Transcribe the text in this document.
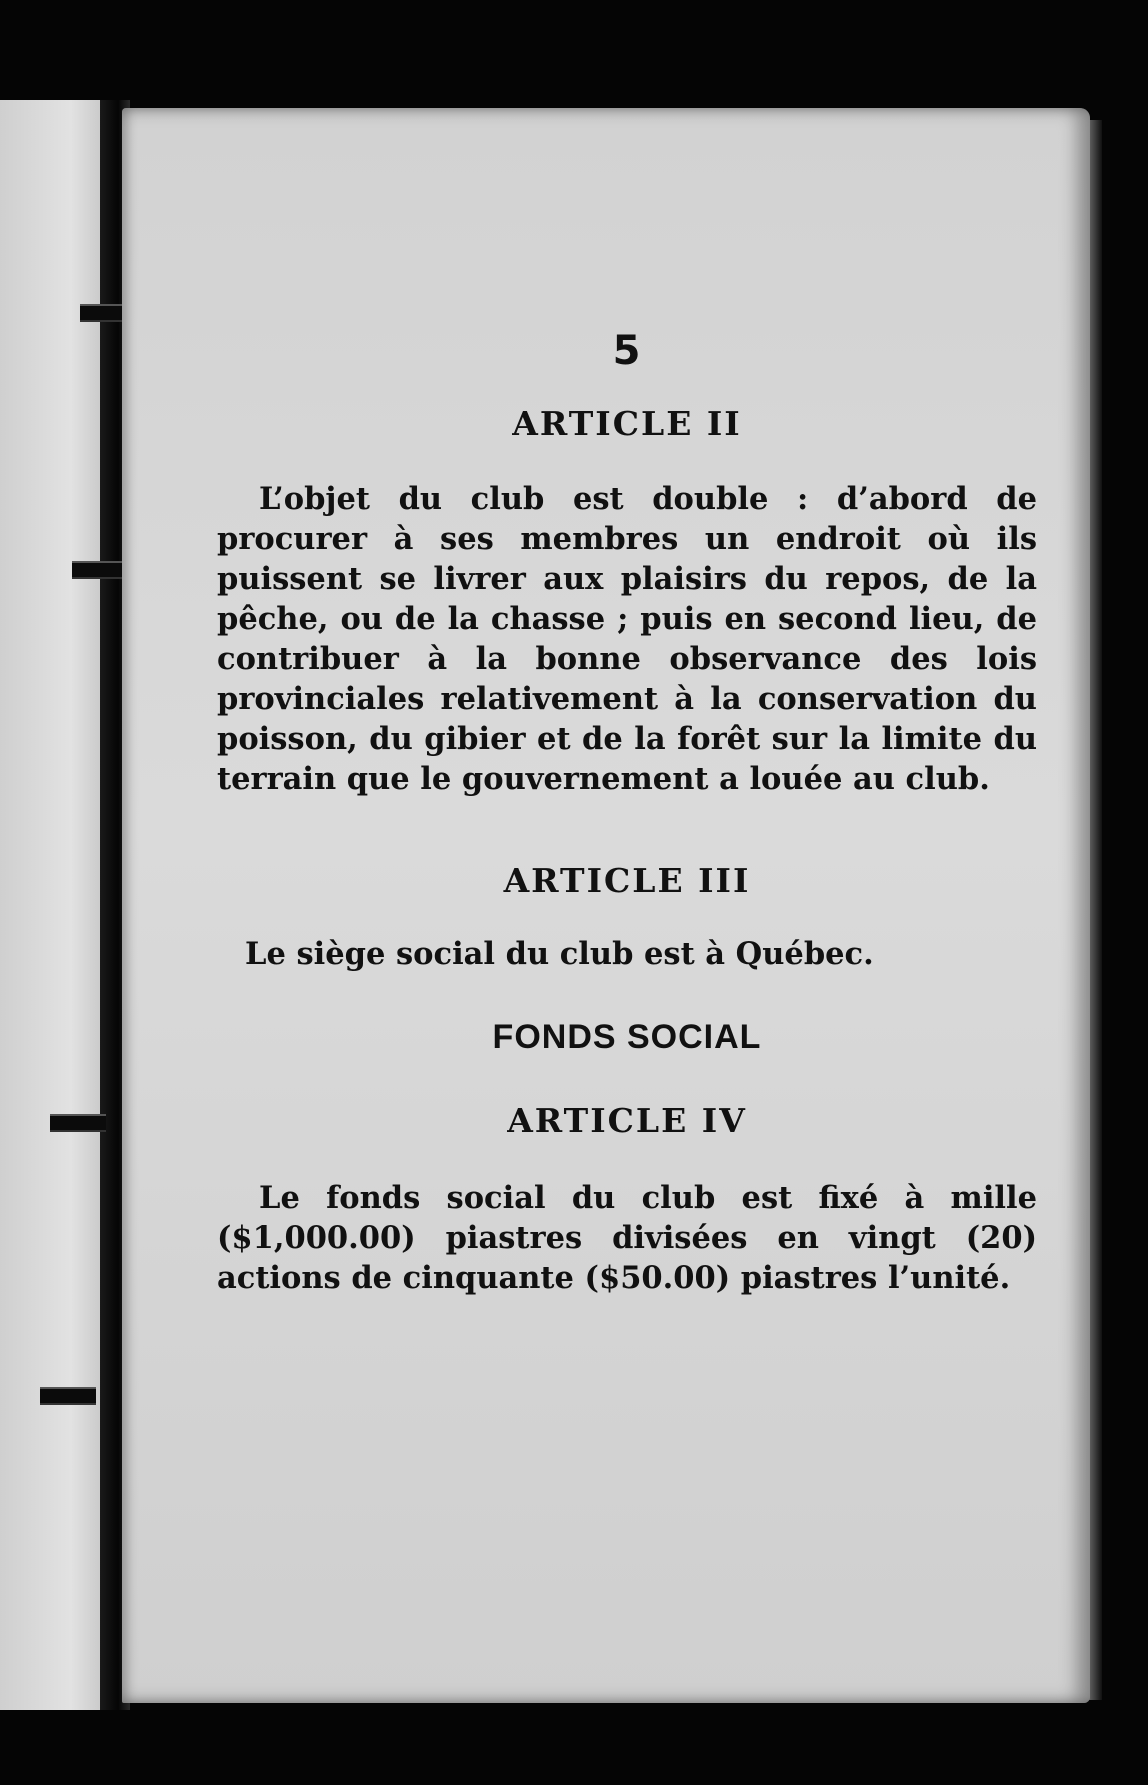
5
ARTICLE II

L’objet du club est double : d’abord de procurer à ses membres un endroit où ils puissent se livrer aux plaisirs du repos, de la pêche, ou de la chasse ; puis en second lieu, de contribuer à la bonne observance des lois provinciales relativement à la conservation du poisson, du gibier et de la forêt sur la limite du terrain que le gouvernement a louée au club.

ARTICLE III

Le siège social du club est à Québec.

FONDS SOCIAL
ARTICLE IV

Le fonds social du club est fixé à mille ($1,000.00) piastres divisées en vingt (20) actions de cinquante ($50.00) piastres l’unité.
